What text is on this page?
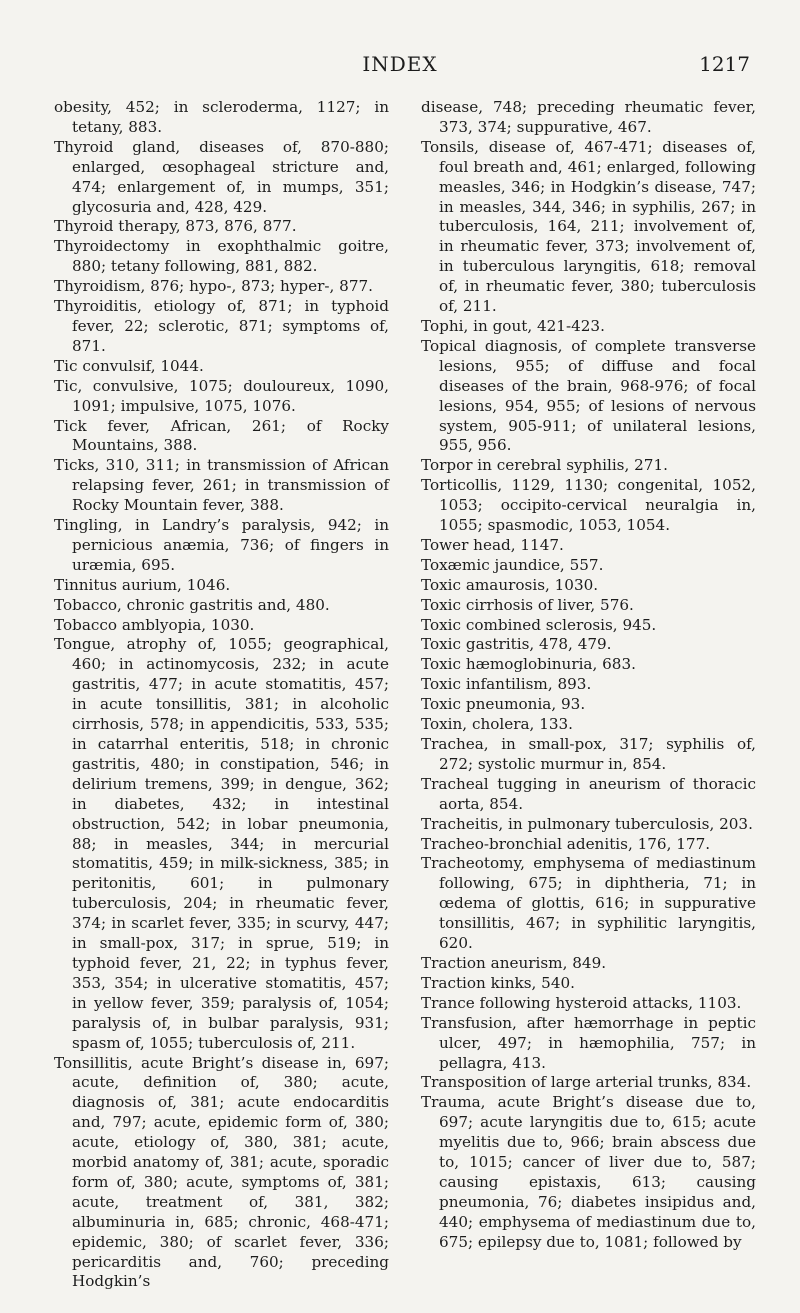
INDEX	1217

obesity, 452; in scleroderma, 1127; in tetany, 883.

Thyroid gland, diseases of, 870-880; enlarged, œsophageal stricture and, 474; enlargement of, in mumps, 351; glycosuria and, 428, 429.

Thyroid therapy, 873, 876, 877.

Thyroidectomy in exophthalmic goitre, 880; tetany following, 881, 882.

Thyroidism, 876; hypo-, 873; hyper-, 877.

Thyroiditis, etiology of, 871; in typhoid fever, 22; sclerotic, 871; symptoms of, 871.

Tic convulsif, 1044.

Tic, convulsive, 1075; douloureux, 1090, 1091; impulsive, 1075, 1076.

Tick fever, African, 261; of Rocky Mountains, 388.

Ticks, 310, 311; in transmission of African relapsing fever, 261; in transmission of Rocky Mountain fever, 388.

Tingling, in Landry’s paralysis, 942; in pernicious anæmia, 736; of fingers in uræmia, 695.

Tinnitus aurium, 1046.

Tobacco, chronic gastritis and, 480.

Tobacco amblyopia, 1030.

Tongue, atrophy of, 1055; geographical, 460; in actinomycosis, 232; in acute gastritis, 477; in acute stomatitis, 457; in acute tonsillitis, 381; in alcoholic cirrhosis, 578; in appendicitis, 533, 535; in catarrhal enteritis, 518; in chronic gastritis, 480; in constipation, 546; in delirium tremens, 399; in dengue, 362; in diabetes, 432; in intestinal obstruction, 542; in lobar pneumonia, 88; in measles, 344; in mercurial stomatitis, 459; in milk-sickness, 385; in peritonitis, 601; in pulmonary tuberculosis, 204; in rheumatic fever, 374; in scarlet fever, 335; in scurvy, 447; in small-pox, 317; in sprue, 519; in typhoid fever, 21, 22; in typhus fever, 353, 354; in ulcerative stomatitis, 457; in yellow fever, 359; paralysis of, 1054; paralysis of, in bulbar paralysis, 931; spasm of, 1055; tuberculosis of, 211.

Tonsillitis, acute Bright’s disease in, 697; acute, definition of, 380; acute, diagnosis of, 381; acute endocarditis and, 797; acute, epidemic form of, 380; acute, etiology of, 380, 381; acute, morbid anatomy of, 381; acute, sporadic form of, 380; acute, symptoms of, 381; acute, treatment of, 381, 382; albuminuria in, 685; chronic, 468-471; epidemic, 380; of scarlet fever, 336; pericarditis and, 760; preceding Hodgkin’s

disease, 748; preceding rheumatic fever, 373, 374; suppurative, 467.

Tonsils, disease of, 467-471; diseases of, foul breath and, 461; enlarged, following measles, 346; in Hodgkin’s disease, 747; in measles, 344, 346; in syphilis, 267; in tuberculosis, 164, 211; involvement of, in rheumatic fever, 373; involvement of, in tuberculous laryngitis, 618; removal of, in rheumatic fever, 380; tuberculosis of, 211.

Tophi, in gout, 421-423.

Topical diagnosis, of complete transverse lesions, 955; of diffuse and focal diseases of the brain, 968-976; of focal lesions, 954, 955; of lesions of nervous system, 905-911; of unilateral lesions, 955, 956.

Torpor in cerebral syphilis, 271.

Torticollis, 1129, 1130; congenital, 1052, 1053; occipito-cervical neuralgia in, 1055; spasmodic, 1053, 1054.

Tower head, 1147.

Toxæmic jaundice, 557.

Toxic amaurosis, 1030.

Toxic cirrhosis of liver, 576.

Toxic combined sclerosis, 945.

Toxic gastritis, 478, 479.

Toxic hæmoglobinuria, 683.

Toxic infantilism, 893.

Toxic pneumonia, 93.

Toxin, cholera, 133.

Trachea, in small-pox, 317; syphilis of, 272; systolic murmur in, 854.

Tracheal tugging in aneurism of thoracic aorta, 854.

Tracheitis, in pulmonary tuberculosis, 203.

Tracheo-bronchial adenitis, 176, 177.

Tracheotomy, emphysema of mediastinum following, 675; in diphtheria, 71; in œdema of glottis, 616; in suppurative tonsillitis, 467; in syphilitic laryngitis, 620.

Traction aneurism, 849.

Traction kinks, 540.

Trance following hysteroid attacks, 1103.

Transfusion, after hæmorrhage in peptic ulcer, 497; in hæmophilia, 757; in pellagra, 413.

Transposition of large arterial trunks, 834.

Trauma, acute Bright’s disease due to, 697; acute laryngitis due to, 615; acute myelitis due to, 966; brain abscess due to, 1015; cancer of liver due to, 587; causing epistaxis, 613; causing pneumonia, 76; diabetes insipidus and, 440; emphysema of mediastinum due to, 675; epilepsy due to, 1081; followed by
